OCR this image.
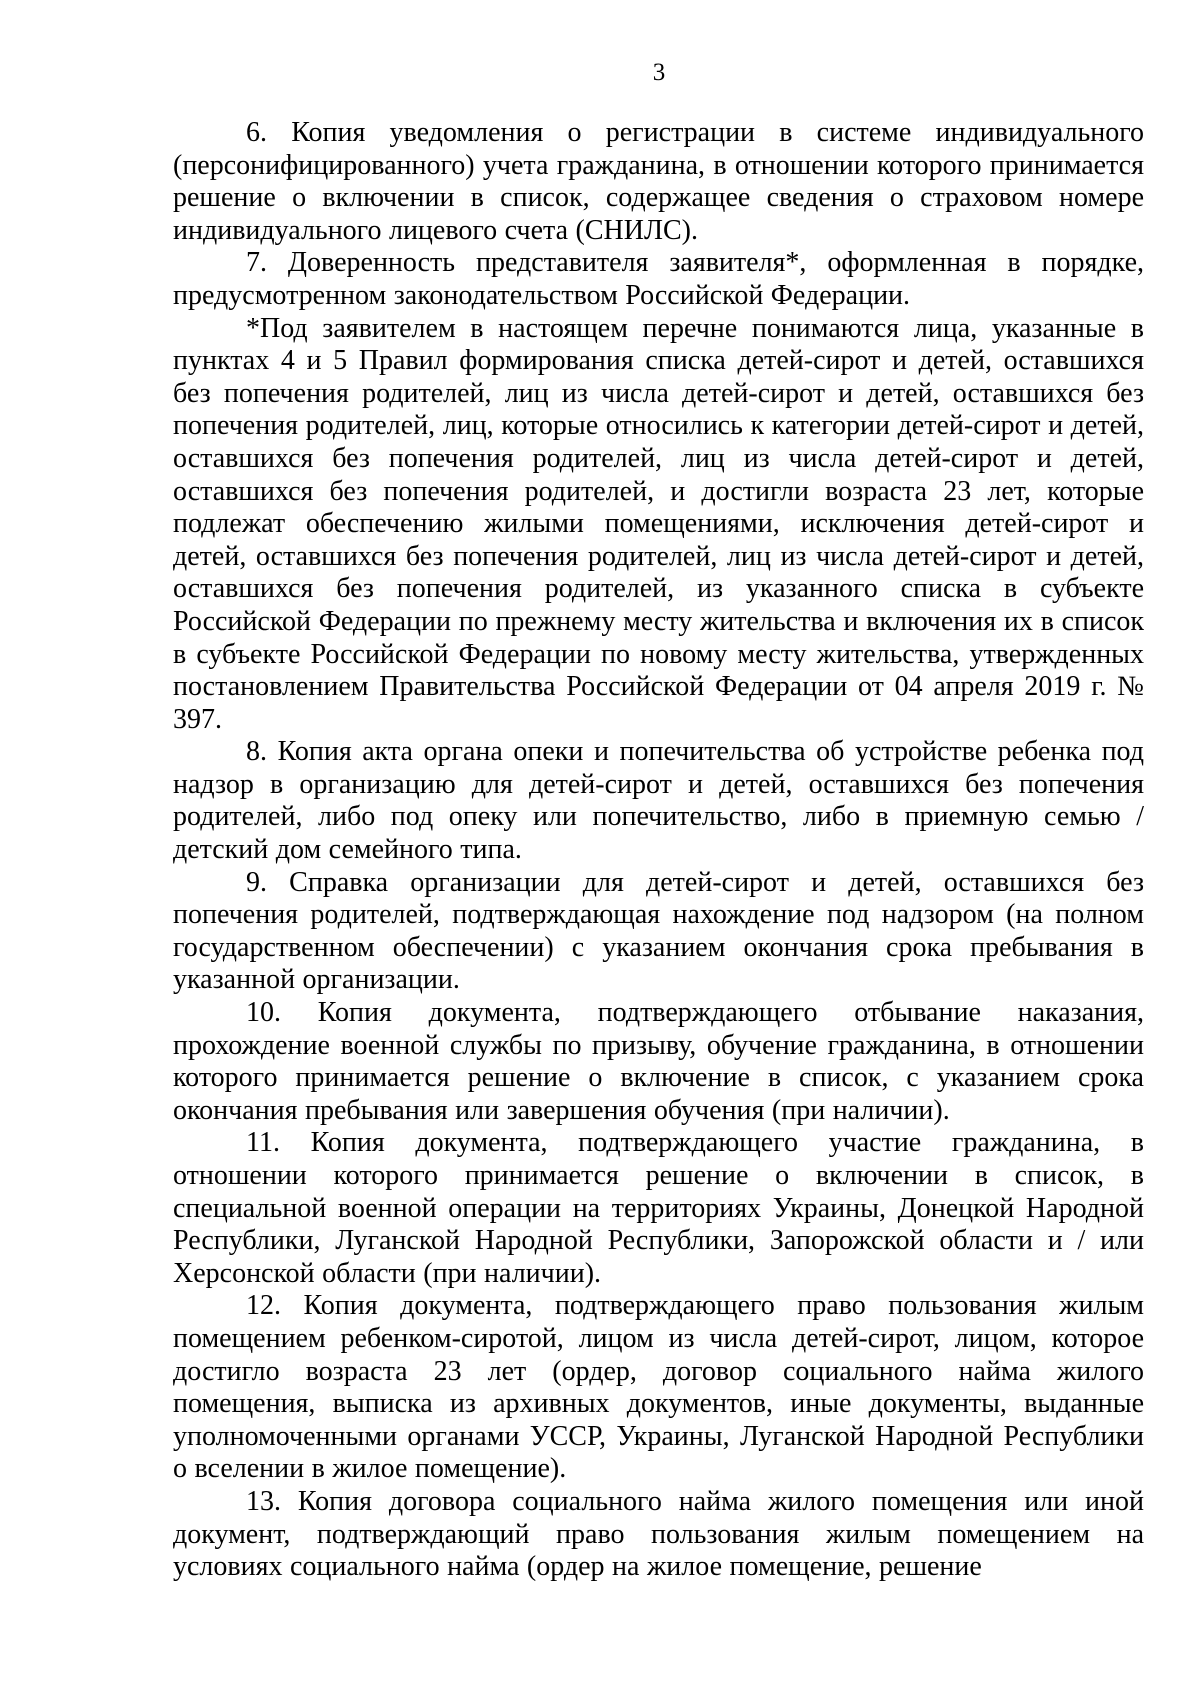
3

6. Копия уведомления о регистрации в системе индивидуального (персонифицированного) учета гражданина, в отношении которого принимается решение о включении в список, содержащее сведения о страховом номере индивидуального лицевого счета (СНИЛС).

7. Доверенность представителя заявителя*, оформленная в порядке, предусмотренном законодательством Российской Федерации.

*Под заявителем в настоящем перечне понимаются лица, указанные в пунктах 4 и 5 Правил формирования списка детей-сирот и детей, оставшихся без попечения родителей, лиц из числа детей-сирот и детей, оставшихся без попечения родителей, лиц, которые относились к категории детей-сирот и детей, оставшихся без попечения родителей, лиц из числа детей-сирот и детей, оставшихся без попечения родителей, и достигли возраста 23 лет, которые подлежат обеспечению жилыми помещениями, исключения детей-сирот и детей, оставшихся без попечения родителей, лиц из числа детей-сирот и детей, оставшихся без попечения родителей, из указанного списка в субъекте Российской Федерации по прежнему месту жительства и включения их в список в субъекте Российской Федерации по новому месту жительства, утвержденных постановлением Правительства Российской Федерации от 04 апреля 2019 г. № 397.

8. Копия акта органа опеки и попечительства об устройстве ребенка под надзор в организацию для детей-сирот и детей, оставшихся без попечения родителей, либо под опеку или попечительство, либо в приемную семью / детский дом семейного типа.

9. Справка организации для детей-сирот и детей, оставшихся без попечения родителей, подтверждающая нахождение под надзором (на полном государственном обеспечении) с указанием окончания срока пребывания в указанной организации.

10. Копия документа, подтверждающего отбывание наказания, прохождение военной службы по призыву, обучение гражданина, в отношении которого принимается решение о включение в список, с указанием срока окончания пребывания или завершения обучения (при наличии).

11. Копия документа, подтверждающего участие гражданина, в отношении которого принимается решение о включении в список, в специальной военной операции на территориях Украины, Донецкой Народной Республики, Луганской Народной Республики, Запорожской области и / или Херсонской области (при наличии).

12. Копия документа, подтверждающего право пользования жилым помещением ребенком-сиротой, лицом из числа детей-сирот, лицом, которое достигло возраста 23 лет (ордер, договор социального найма жилого помещения, выписка из архивных документов, иные документы, выданные уполномоченными органами УССР, Украины, Луганской Народной Республики о вселении в жилое помещение).

13. Копия договора социального найма жилого помещения или иной документ, подтверждающий право пользования жилым помещением на условиях социального найма (ордер на жилое помещение, решение
